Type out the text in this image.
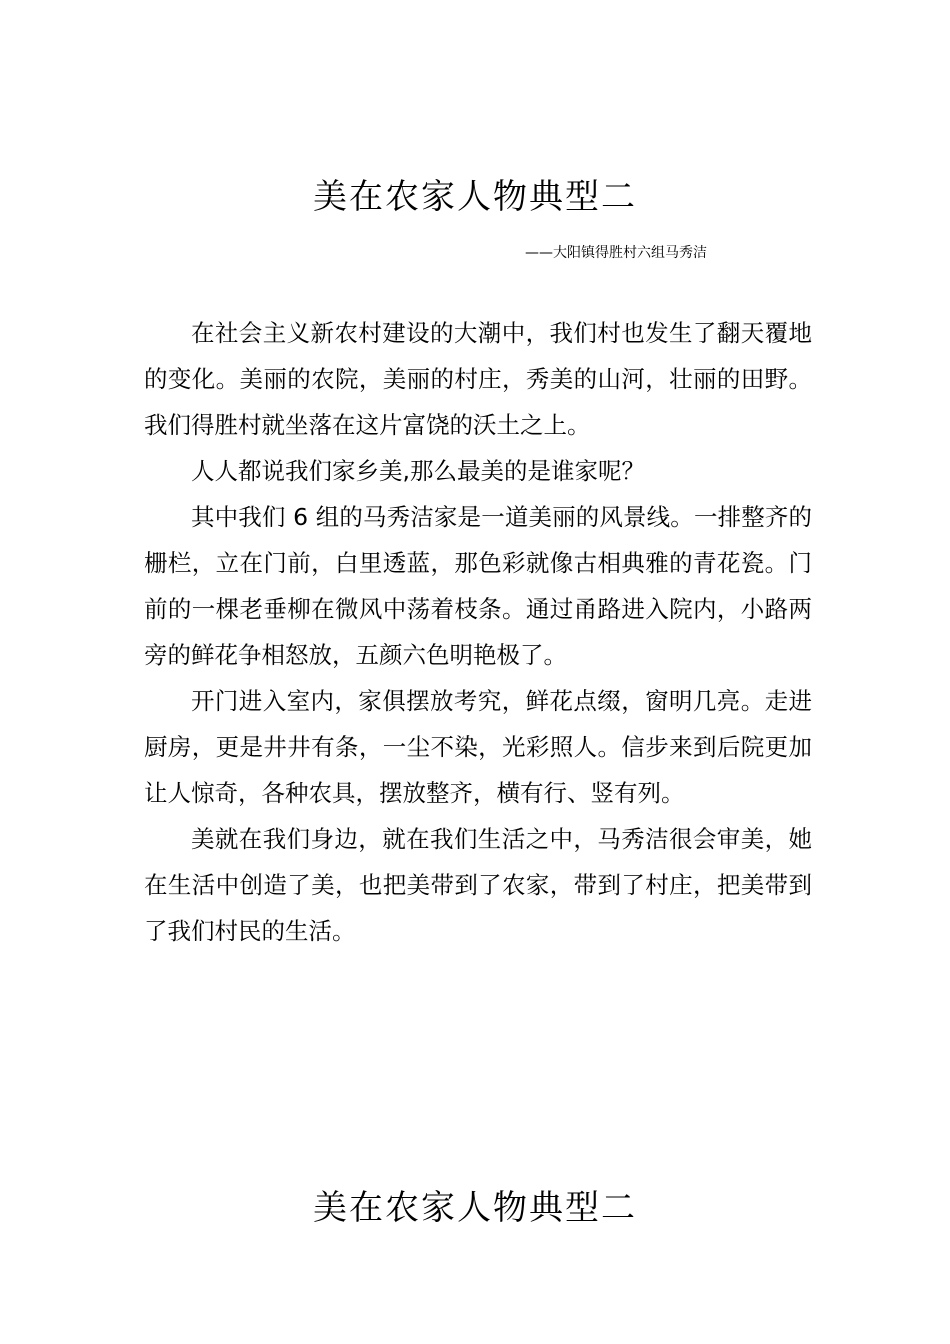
美在农家人物典型二
——大阳镇得胜村六组马秀洁

在社会主义新农村建设的大潮中，我们村也发生了翻天覆地的变化。美丽的农院，美丽的村庄，秀美的山河，壮丽的田野。我们得胜村就坐落在这片富饶的沃土之上。

人人都说我们家乡美,那么最美的是谁家呢？

其中我们 6 组的马秀洁家是一道美丽的风景线。一排整齐的栅栏，立在门前，白里透蓝，那色彩就像古相典雅的青花瓷。门前的一棵老垂柳在微风中荡着枝条。通过甬路进入院内，小路两旁的鲜花争相怒放，五颜六色明艳极了。

开门进入室内，家俱摆放考究，鲜花点缀，窗明几亮。走进厨房，更是井井有条，一尘不染，光彩照人。信步来到后院更加让人惊奇，各种农具，摆放整齐，横有行、竖有列。

美就在我们身边，就在我们生活之中，马秀洁很会审美，她在生活中创造了美，也把美带到了农家，带到了村庄，把美带到了我们村民的生活。

美在农家人物典型二
